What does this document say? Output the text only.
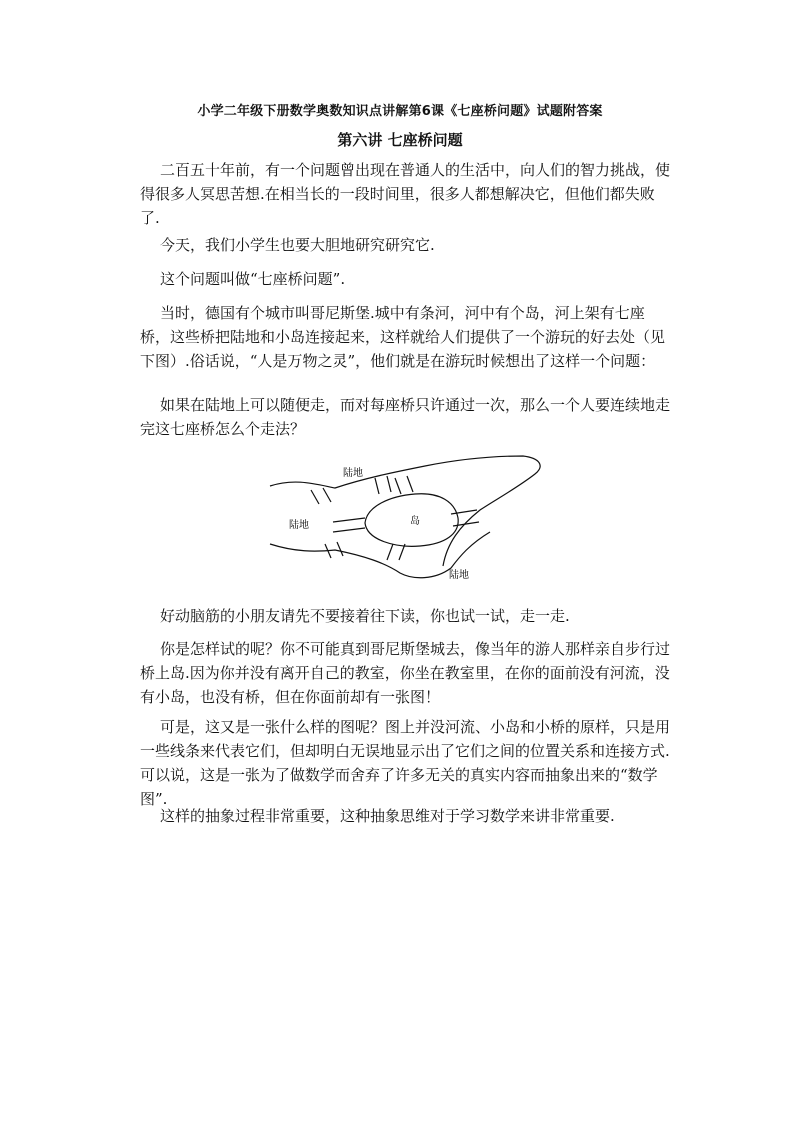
小学二年级下册数学奥数知识点讲解第6课《七座桥问题》试题附答案
第六讲 七座桥问题

二百五十年前，有一个问题曾出现在普通人的生活中，向人们的智力挑战，使得很多人冥思苦想.在相当长的一段时间里，很多人都想解决它，但他们都失败了.

今天，我们小学生也要大胆地研究研究它.

这个问题叫做“七座桥问题”.

当时，德国有个城市叫哥尼斯堡.城中有条河，河中有个岛，河上架有七座桥，这些桥把陆地和小岛连接起来，这样就给人们提供了一个游玩的好去处（见下图）.俗话说，“人是万物之灵”，他们就是在游玩时候想出了这样一个问题：

如果在陆地上可以随便走，而对每座桥只许通过一次，那么一个人要连续地走完这七座桥怎么个走法？

陆地
陆地	岛
陆地

好动脑筋的小朋友请先不要接着往下读，你也试一试，走一走.

你是怎样试的呢？你不可能真到哥尼斯堡城去，像当年的游人那样亲自步行过桥上岛.因为你并没有离开自己的教室，你坐在教室里，在你的面前没有河流，没有小岛，也没有桥，但在你面前却有一张图！

可是，这又是一张什么样的图呢？图上并没河流、小岛和小桥的原样，只是用一些线条来代表它们，但却明白无误地显示出了它们之间的位置关系和连接方式.可以说，这是一张为了做数学而舍弃了许多无关的真实内容而抽象出来的“数学图”.

这样的抽象过程非常重要，这种抽象思维对于学习数学来讲非常重要.
